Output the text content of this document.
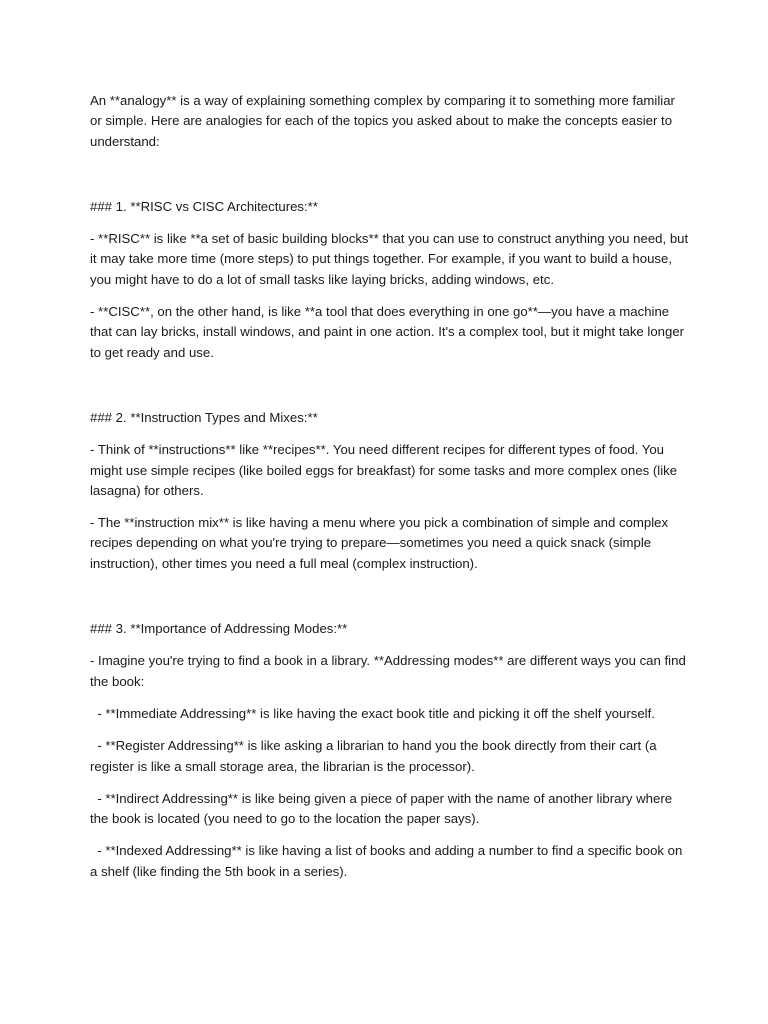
An **analogy** is a way of explaining something complex by comparing it to something more familiar or simple. Here are analogies for each of the topics you asked about to make the concepts easier to understand:

### 1. **RISC vs CISC Architectures:**

- **RISC** is like **a set of basic building blocks** that you can use to construct anything you need, but it may take more time (more steps) to put things together. For example, if you want to build a house, you might have to do a lot of small tasks like laying bricks, adding windows, etc.

- **CISC**, on the other hand, is like **a tool that does everything in one go**—you have a machine that can lay bricks, install windows, and paint in one action. It's a complex tool, but it might take longer to get ready and use.

### 2. **Instruction Types and Mixes:**

- Think of **instructions** like **recipes**. You need different recipes for different types of food. You might use simple recipes (like boiled eggs for breakfast) for some tasks and more complex ones (like lasagna) for others.

- The **instruction mix** is like having a menu where you pick a combination of simple and complex recipes depending on what you're trying to prepare—sometimes you need a quick snack (simple instruction), other times you need a full meal (complex instruction).

### 3. **Importance of Addressing Modes:**

- Imagine you're trying to find a book in a library. **Addressing modes** are different ways you can find the book:

- **Immediate Addressing** is like having the exact book title and picking it off the shelf yourself.

- **Register Addressing** is like asking a librarian to hand you the book directly from their cart (a register is like a small storage area, the librarian is the processor).

- **Indirect Addressing** is like being given a piece of paper with the name of another library where the book is located (you need to go to the location the paper says).

- **Indexed Addressing** is like having a list of books and adding a number to find a specific book on a shelf (like finding the 5th book in a series).
